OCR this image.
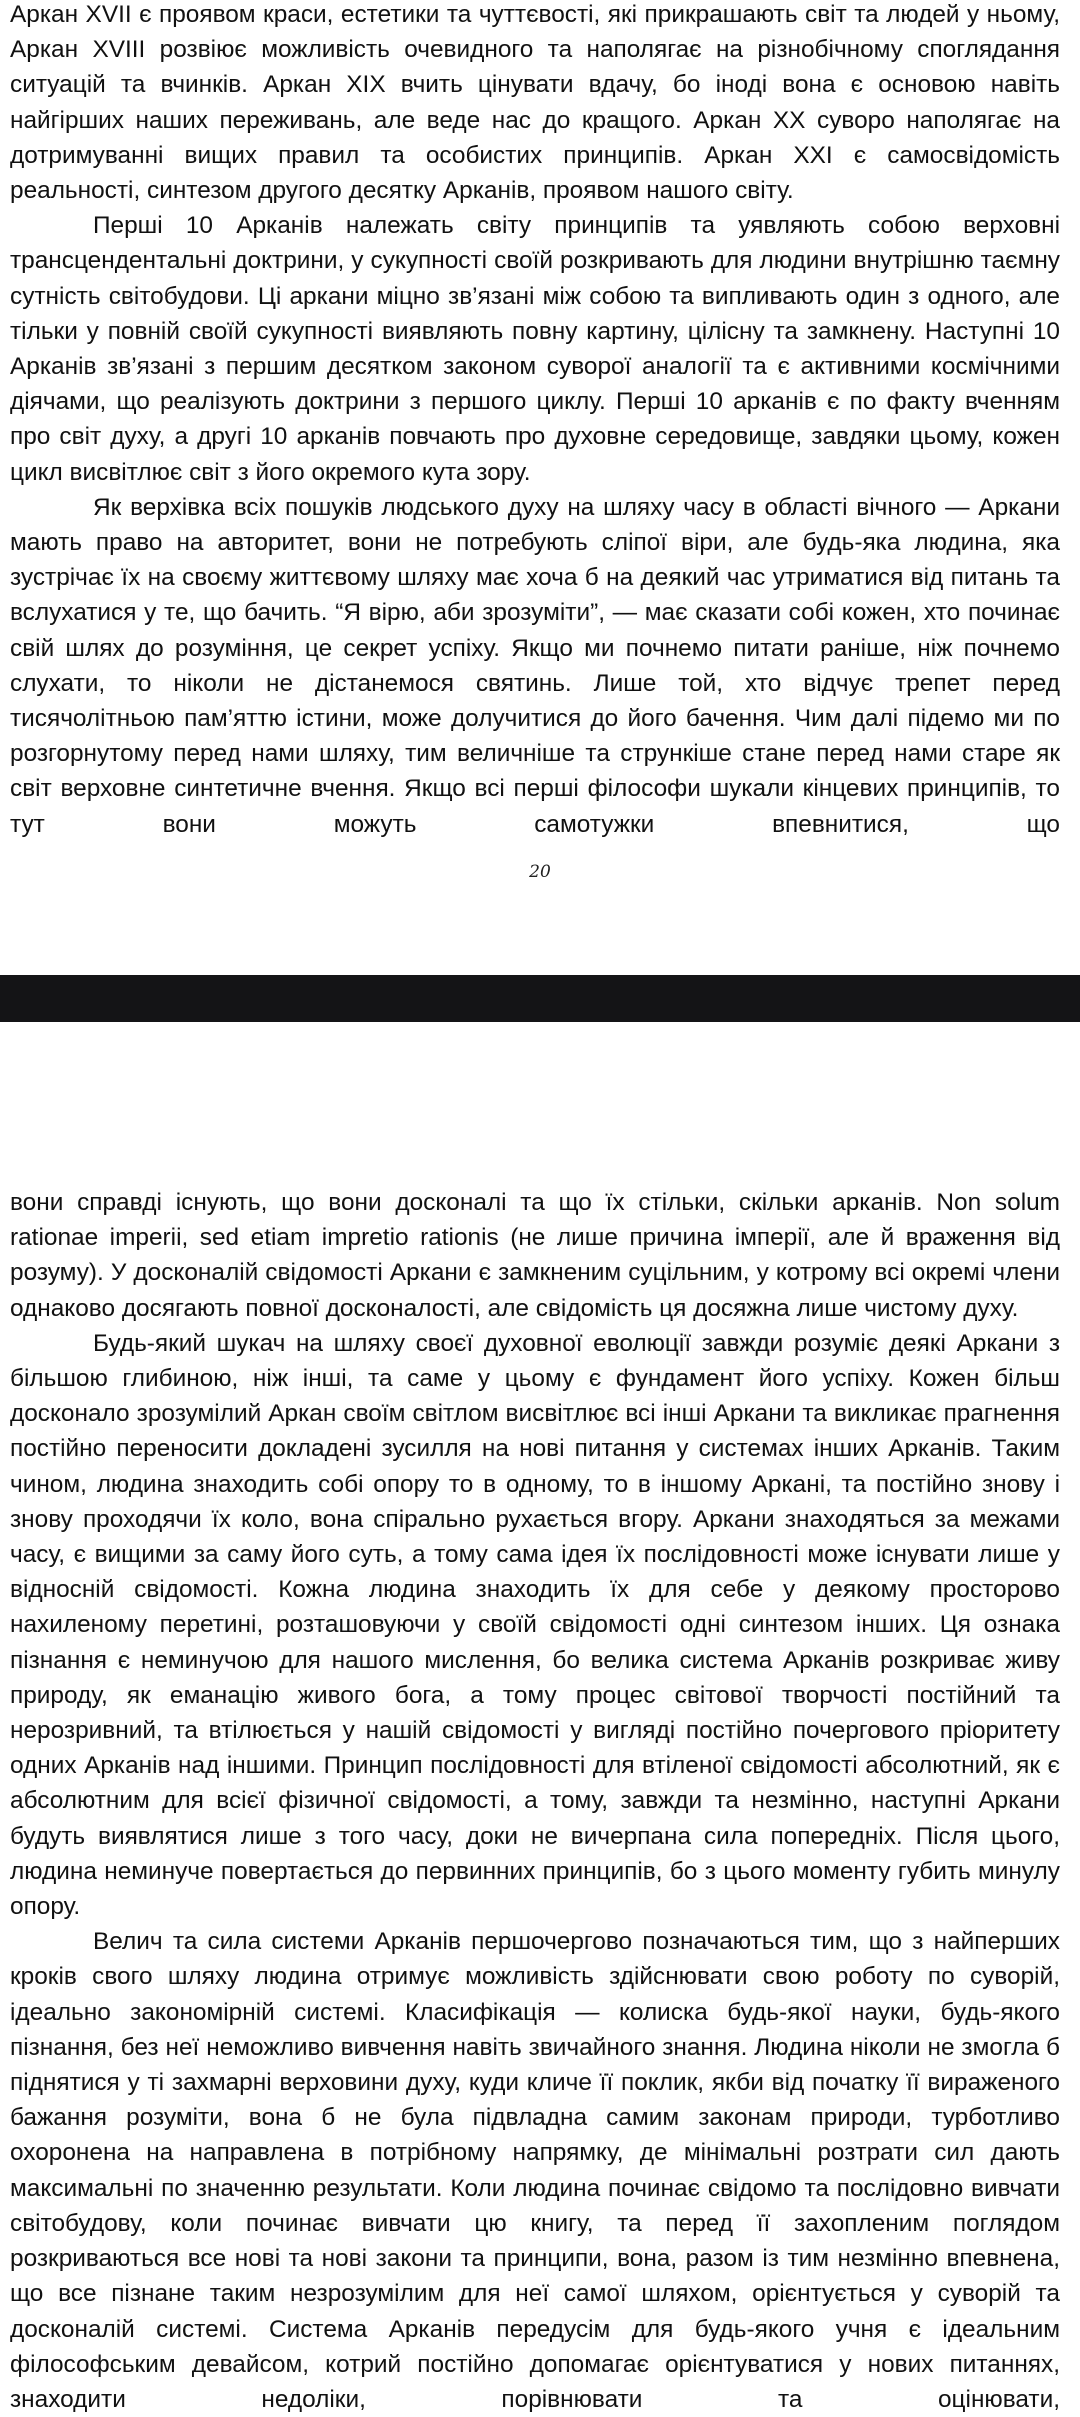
Аркан XVII є проявом краси, естетики та чуттєвості, які прикрашають світ та людей у ньому, Аркан XVIII розвіює можливість очевидного та наполягає на різнобічному споглядання ситуацій та вчинків. Аркан XIX вчить цінувати вдачу, бо іноді вона є основою навіть найгірших наших переживань, але веде нас до кращого. Аркан XX суворо наполягає на дотримуванні вищих правил та особистих принципів. Аркан XXI є самосвідомість реальності, синтезом другого десятку Арканів, проявом нашого світу.

Перші 10 Арканів належать світу принципів та уявляють собою верховні трансцендентальні доктрини, у сукупності своїй розкривають для людини внутрішню таємну сутність світобудови. Ці аркани міцно зв’язані між собою та випливають один з одного, але тільки у повній своїй сукупності виявляють повну картину, цілісну та замкнену. Наступні 10 Арканів зв’язані з першим десятком законом суворої аналогії та є активними космічними діячами, що реалізують доктрини з першого циклу. Перші 10 арканів є по факту вченням про світ духу, а другі 10 арканів повчають про духовне середовище, завдяки цьому, кожен цикл висвітлює світ з його окремого кута зору.

Як верхівка всіх пошуків людського духу на шляху часу в області вічного — Аркани мають право на авторитет, вони не потребують сліпої віри, але будь-яка людина, яка зустрічає їх на своєму життєвому шляху має хоча б на деякий час утриматися від питань та вслухатися у те, що бачить. “Я вірю, аби зрозуміти”, — має сказати собі кожен, хто починає свій шлях до розуміння, це секрет успіху. Якщо ми почнемо питати раніше, ніж почнемо слухати, то ніколи не дістанемося святинь. Лише той, хто відчує трепет перед тисячолітньою пам’яттю істини, може долучитися до його бачення. Чим далі підемо ми по розгорнутому перед нами шляху, тим величніше та стрункіше стане перед нами старе як світ верховне синтетичне вчення. Якщо всі перші філософи шукали кінцевих принципів, то тут вони можуть самотужки впевнитися, що

20

вони справді існують, що вони досконалі та що їх стільки, скільки арканів. Non solum rationae imperii, sed etiam impretio rationis (не лише причина імперії, але й враження від розуму). У досконалій свідомості Аркани є замкненим суцільним, у котрому всі окремі члени однаково досягають повної досконалості, але свідомість ця досяжна лише чистому духу.

Будь-який шукач на шляху своєї духовної еволюції завжди розуміє деякі Аркани з більшою глибиною, ніж інші, та саме у цьому є фундамент його успіху. Кожен більш досконало зрозумілий Аркан своїм світлом висвітлює всі інші Аркани та викликає прагнення постійно переносити докладені зусилля на нові питання у системах інших Арканів. Таким чином, людина знаходить собі опору то в одному, то в іншому Аркані, та постійно знову і знову проходячи їх коло, вона спірально рухається вгору. Аркани знаходяться за межами часу, є вищими за саму його суть, а тому сама ідея їх послідовності може існувати лише у відносній свідомості. Кожна людина знаходить їх для себе у деякому просторово нахиленому перетині, розташовуючи у своїй свідомості одні синтезом інших. Ця ознака пізнання є неминучою для нашого мислення, бо велика система Арканів розкриває живу природу, як еманацію живого бога, а тому процес світової творчості постійний та нерозривний, та втілюється у нашій свідомості у вигляді постійно почергового пріоритету одних Арканів над іншими. Принцип послідовності для втіленої свідомості абсолютний, як є абсолютним для всієї фізичної свідомості, а тому, завжди та незмінно, наступні Аркани будуть виявлятися лише з того часу, доки не вичерпана сила попередніх. Після цього, людина неминуче повертається до первинних принципів, бо з цього моменту губить минулу опору.

Велич та сила системи Арканів першочергово позначаються тим, що з найперших кроків свого шляху людина отримує можливість здійснювати свою роботу по суворій, ідеально закономірній системі. Класифікація — колиска будь-якої науки, будь-якого пізнання, без неї неможливо вивчення навіть звичайного знання. Людина ніколи не змогла б піднятися у ті захмарні верховини духу, куди кличе її поклик, якби від початку її вираженого бажання розуміти, вона б не була підвладна самим законам природи, турботливо охоронена на направлена в потрібному напрямку, де мінімальні розтрати сил дають максимальні по значенню результати. Коли людина починає свідомо та послідовно вивчати світобудову, коли починає вивчати цю книгу, та перед її захопленим поглядом розкриваються все нові та нові закони та принципи, вона, разом із тим незмінно впевнена, що все пізнане таким незрозумілим для неї самої шляхом, орієнтується у суворій та досконалій системі. Система Арканів передусім для будь-якого учня є ідеальним філософським девайсом, котрий постійно допомагає орієнтуватися у нових питаннях, знаходити недоліки, порівнювати та оцінювати,
